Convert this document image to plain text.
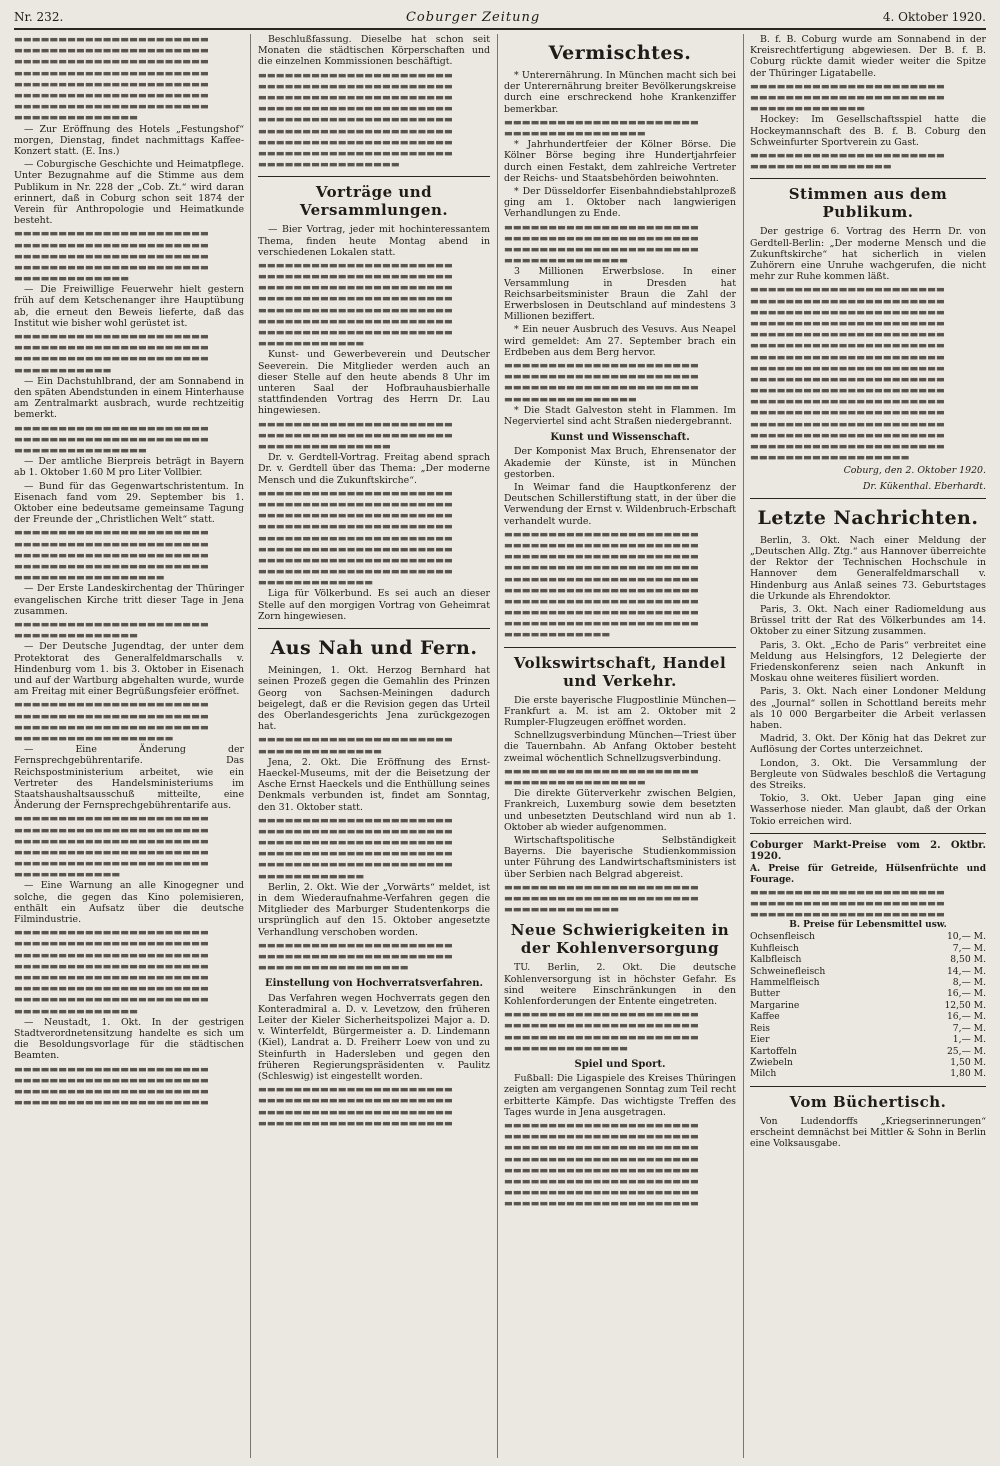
Nr. 232.	Coburger Zeitung	4. Oktober 1920.
▬▬▬▬▬▬▬▬▬▬▬▬▬▬▬▬▬▬▬▬▬▬
▬▬▬▬▬▬▬▬▬▬▬▬▬▬▬▬▬▬▬▬▬▬
▬▬▬▬▬▬▬▬▬▬▬▬▬▬▬▬▬▬▬▬▬▬
▬▬▬▬▬▬▬▬▬▬▬▬▬▬▬▬▬▬▬▬▬▬
▬▬▬▬▬▬▬▬▬▬▬▬▬▬▬▬▬▬▬▬▬▬
▬▬▬▬▬▬▬▬▬▬▬▬▬▬▬▬▬▬▬▬▬▬
▬▬▬▬▬▬▬▬▬▬▬▬▬▬▬▬▬▬▬▬▬▬
▬▬▬▬▬▬▬▬▬▬▬▬▬▬

— Zur Eröffnung des Hotels „Festungshof“ morgen, Dienstag, findet nachmittags Kaffee-Konzert statt. (E. Ins.)

— Coburgische Geschichte und Heimatpflege. Unter Bezugnahme auf die Stimme aus dem Publikum in Nr. 228 der „Cob. Zt.“ wird daran erinnert, daß in Coburg schon seit 1874 der Verein für Anthropologie und Heimatkunde besteht.

▬▬▬▬▬▬▬▬▬▬▬▬▬▬▬▬▬▬▬▬▬▬
▬▬▬▬▬▬▬▬▬▬▬▬▬▬▬▬▬▬▬▬▬▬
▬▬▬▬▬▬▬▬▬▬▬▬▬▬▬▬▬▬▬▬▬▬
▬▬▬▬▬▬▬▬▬▬▬▬▬▬▬▬▬▬▬▬▬▬
▬▬▬▬▬▬▬▬▬▬▬▬▬

— Die Freiwillige Feuerwehr hielt gestern früh auf dem Ketschenanger ihre Hauptübung ab, die erneut den Beweis lieferte, daß das Institut wie bisher wohl gerüstet ist.

▬▬▬▬▬▬▬▬▬▬▬▬▬▬▬▬▬▬▬▬▬▬
▬▬▬▬▬▬▬▬▬▬▬▬▬▬▬▬▬▬▬▬▬▬
▬▬▬▬▬▬▬▬▬▬▬▬▬▬▬▬▬▬▬▬▬▬
▬▬▬▬▬▬▬▬▬▬▬

— Ein Dachstuhlbrand, der am Sonnabend in den späten Abendstunden in einem Hinterhause am Zentralmarkt ausbrach, wurde rechtzeitig bemerkt.

▬▬▬▬▬▬▬▬▬▬▬▬▬▬▬▬▬▬▬▬▬▬
▬▬▬▬▬▬▬▬▬▬▬▬▬▬▬▬▬▬▬▬▬▬
▬▬▬▬▬▬▬▬▬▬▬▬▬▬▬

— Der amtliche Bierpreis beträgt in Bayern ab 1. Oktober 1.60 M pro Liter Vollbier.

— Bund für das Gegenwartschristentum. In Eisenach fand vom 29. September bis 1. Oktober eine bedeutsame gemeinsame Tagung der Freunde der „Christlichen Welt“ statt.

▬▬▬▬▬▬▬▬▬▬▬▬▬▬▬▬▬▬▬▬▬▬
▬▬▬▬▬▬▬▬▬▬▬▬▬▬▬▬▬▬▬▬▬▬
▬▬▬▬▬▬▬▬▬▬▬▬▬▬▬▬▬▬▬▬▬▬
▬▬▬▬▬▬▬▬▬▬▬▬▬▬▬▬▬▬▬▬▬▬
▬▬▬▬▬▬▬▬▬▬▬▬▬▬▬▬▬

— Der Erste Landeskirchentag der Thüringer evangelischen Kirche tritt dieser Tage in Jena zusammen.

▬▬▬▬▬▬▬▬▬▬▬▬▬▬▬▬▬▬▬▬▬▬
▬▬▬▬▬▬▬▬▬▬▬▬▬▬

— Der Deutsche Jugendtag, der unter dem Protektorat des Generalfeldmarschalls v. Hindenburg vom 1. bis 3. Oktober in Eisenach und auf der Wartburg abgehalten wurde, wurde am Freitag mit einer Begrüßungsfeier eröffnet.

▬▬▬▬▬▬▬▬▬▬▬▬▬▬▬▬▬▬▬▬▬▬
▬▬▬▬▬▬▬▬▬▬▬▬▬▬▬▬▬▬▬▬▬▬
▬▬▬▬▬▬▬▬▬▬▬▬▬▬▬▬▬▬▬▬▬▬
▬▬▬▬▬▬▬▬▬▬▬▬▬▬▬▬▬▬

— Eine Änderung der Fernsprechgebührentarife. Das Reichspostministerium arbeitet, wie ein Vertreter des Handelsministeriums im Staatshaushaltsausschuß mitteilte, eine Änderung der Fernsprechgebührentarife aus.

▬▬▬▬▬▬▬▬▬▬▬▬▬▬▬▬▬▬▬▬▬▬
▬▬▬▬▬▬▬▬▬▬▬▬▬▬▬▬▬▬▬▬▬▬
▬▬▬▬▬▬▬▬▬▬▬▬▬▬▬▬▬▬▬▬▬▬
▬▬▬▬▬▬▬▬▬▬▬▬▬▬▬▬▬▬▬▬▬▬
▬▬▬▬▬▬▬▬▬▬▬▬▬▬▬▬▬▬▬▬▬▬
▬▬▬▬▬▬▬▬▬▬▬▬

— Eine Warnung an alle Kinogegner und solche, die gegen das Kino polemisieren, enthält ein Aufsatz über die deutsche Filmindustrie.

▬▬▬▬▬▬▬▬▬▬▬▬▬▬▬▬▬▬▬▬▬▬
▬▬▬▬▬▬▬▬▬▬▬▬▬▬▬▬▬▬▬▬▬▬
▬▬▬▬▬▬▬▬▬▬▬▬▬▬▬▬▬▬▬▬▬▬
▬▬▬▬▬▬▬▬▬▬▬▬▬▬▬▬▬▬▬▬▬▬
▬▬▬▬▬▬▬▬▬▬▬▬▬▬▬▬▬▬▬▬▬▬
▬▬▬▬▬▬▬▬▬▬▬▬▬▬▬▬▬▬▬▬▬▬
▬▬▬▬▬▬▬▬▬▬▬▬▬▬▬▬▬▬▬▬▬▬
▬▬▬▬▬▬▬▬▬▬▬▬▬▬

— Neustadt, 1. Okt. In der gestrigen Stadtverordnetensitzung handelte es sich um die Besoldungsvorlage für die städtischen Beamten.

▬▬▬▬▬▬▬▬▬▬▬▬▬▬▬▬▬▬▬▬▬▬
▬▬▬▬▬▬▬▬▬▬▬▬▬▬▬▬▬▬▬▬▬▬
▬▬▬▬▬▬▬▬▬▬▬▬▬▬▬▬▬▬▬▬▬▬
▬▬▬▬▬▬▬▬▬▬▬▬▬▬▬▬▬▬▬▬▬▬

Beschlußfassung. Dieselbe hat schon seit Monaten die städtischen Körperschaften und die einzelnen Kommissionen beschäftigt.

▬▬▬▬▬▬▬▬▬▬▬▬▬▬▬▬▬▬▬▬▬▬
▬▬▬▬▬▬▬▬▬▬▬▬▬▬▬▬▬▬▬▬▬▬
▬▬▬▬▬▬▬▬▬▬▬▬▬▬▬▬▬▬▬▬▬▬
▬▬▬▬▬▬▬▬▬▬▬▬▬▬▬▬▬▬▬▬▬▬
▬▬▬▬▬▬▬▬▬▬▬▬▬▬▬▬▬▬▬▬▬▬
▬▬▬▬▬▬▬▬▬▬▬▬▬▬▬▬▬▬▬▬▬▬
▬▬▬▬▬▬▬▬▬▬▬▬▬▬▬▬▬▬▬▬▬▬
▬▬▬▬▬▬▬▬▬▬▬▬▬▬▬▬▬▬▬▬▬▬
▬▬▬▬▬▬▬▬▬▬▬▬▬▬▬▬
Vorträge und Versammlungen.

— Bier Vortrag, jeder mit hochinteressantem Thema, finden heute Montag abend in verschiedenen Lokalen statt.

▬▬▬▬▬▬▬▬▬▬▬▬▬▬▬▬▬▬▬▬▬▬
▬▬▬▬▬▬▬▬▬▬▬▬▬▬▬▬▬▬▬▬▬▬
▬▬▬▬▬▬▬▬▬▬▬▬▬▬▬▬▬▬▬▬▬▬
▬▬▬▬▬▬▬▬▬▬▬▬▬▬▬▬▬▬▬▬▬▬
▬▬▬▬▬▬▬▬▬▬▬▬▬▬▬▬▬▬▬▬▬▬
▬▬▬▬▬▬▬▬▬▬▬▬▬▬▬▬▬▬▬▬▬▬
▬▬▬▬▬▬▬▬▬▬▬▬▬▬▬▬▬▬▬▬▬▬
▬▬▬▬▬▬▬▬▬▬▬▬

Kunst- und Gewerbeverein und Deutscher Seeverein. Die Mitglieder werden auch an dieser Stelle auf den heute abends 8 Uhr im unteren Saal der Hofbrauhausbierhalle stattfindenden Vortrag des Herrn Dr. Lau hingewiesen.

▬▬▬▬▬▬▬▬▬▬▬▬▬▬▬▬▬▬▬▬▬▬
▬▬▬▬▬▬▬▬▬▬▬▬▬▬▬▬▬▬▬▬▬▬
▬▬▬▬▬▬▬▬▬▬▬▬▬▬▬

Dr. v. Gerdtell-Vortrag. Freitag abend sprach Dr. v. Gerdtell über das Thema: „Der moderne Mensch und die Zukunftskirche“.

▬▬▬▬▬▬▬▬▬▬▬▬▬▬▬▬▬▬▬▬▬▬
▬▬▬▬▬▬▬▬▬▬▬▬▬▬▬▬▬▬▬▬▬▬
▬▬▬▬▬▬▬▬▬▬▬▬▬▬▬▬▬▬▬▬▬▬
▬▬▬▬▬▬▬▬▬▬▬▬▬▬▬▬▬▬▬▬▬▬
▬▬▬▬▬▬▬▬▬▬▬▬▬▬▬▬▬▬▬▬▬▬
▬▬▬▬▬▬▬▬▬▬▬▬▬▬▬▬▬▬▬▬▬▬
▬▬▬▬▬▬▬▬▬▬▬▬▬▬▬▬▬▬▬▬▬▬
▬▬▬▬▬▬▬▬▬▬▬▬▬▬▬▬▬▬▬▬▬▬
▬▬▬▬▬▬▬▬▬▬▬▬▬

Liga für Völkerbund. Es sei auch an dieser Stelle auf den morgigen Vortrag von Geheimrat Zorn hingewiesen.

Aus Nah und Fern.

Meiningen, 1. Okt. Herzog Bernhard hat seinen Prozeß gegen die Gemahlin des Prinzen Georg von Sachsen-Meiningen dadurch beigelegt, daß er die Revision gegen das Urteil des Oberlandesgerichts Jena zurückgezogen hat.

▬▬▬▬▬▬▬▬▬▬▬▬▬▬▬▬▬▬▬▬▬▬
▬▬▬▬▬▬▬▬▬▬▬▬▬▬

Jena, 2. Okt. Die Eröffnung des Ernst-Haeckel-Museums, mit der die Beisetzung der Asche Ernst Haeckels und die Enthüllung seines Denkmals verbunden ist, findet am Sonntag, den 31. Oktober statt.

▬▬▬▬▬▬▬▬▬▬▬▬▬▬▬▬▬▬▬▬▬▬
▬▬▬▬▬▬▬▬▬▬▬▬▬▬▬▬▬▬▬▬▬▬
▬▬▬▬▬▬▬▬▬▬▬▬▬▬▬▬▬▬▬▬▬▬
▬▬▬▬▬▬▬▬▬▬▬▬▬▬▬▬▬▬▬▬▬▬
▬▬▬▬▬▬▬▬▬▬▬▬▬▬▬▬▬▬▬▬▬▬
▬▬▬▬▬▬▬▬▬▬▬▬

Berlin, 2. Okt. Wie der „Vorwärts“ meldet, ist in dem Wiederaufnahme-Verfahren gegen die Mitglieder des Marburger Studentenkorps die ursprünglich auf den 15. Oktober angesetzte Verhandlung verschoben worden.

▬▬▬▬▬▬▬▬▬▬▬▬▬▬▬▬▬▬▬▬▬▬
▬▬▬▬▬▬▬▬▬▬▬▬▬▬▬▬▬▬▬▬▬▬
▬▬▬▬▬▬▬▬▬▬▬▬▬▬▬▬▬
Einstellung von Hochverratsverfahren.

Das Verfahren wegen Hochverrats gegen den Konteradmiral a. D. v. Levetzow, den früheren Leiter der Kieler Sicherheitspolizei Major a. D. v. Winterfeldt, Bürgermeister a. D. Lindemann (Kiel), Landrat a. D. Freiherr Loew von und zu Steinfurth in Hadersleben und gegen den früheren Regierungspräsidenten v. Paulitz (Schleswig) ist eingestellt worden.

▬▬▬▬▬▬▬▬▬▬▬▬▬▬▬▬▬▬▬▬▬▬
▬▬▬▬▬▬▬▬▬▬▬▬▬▬▬▬▬▬▬▬▬▬
▬▬▬▬▬▬▬▬▬▬▬▬▬▬▬▬▬▬▬▬▬▬
▬▬▬▬▬▬▬▬▬▬▬▬▬▬▬▬▬▬▬▬▬▬
Vermischtes.

* Unterernährung. In München macht sich bei der Unterernährung breiter Bevölkerungskreise durch eine erschreckend hohe Krankenziffer bemerkbar.

▬▬▬▬▬▬▬▬▬▬▬▬▬▬▬▬▬▬▬▬▬▬
▬▬▬▬▬▬▬▬▬▬▬▬▬▬▬▬

* Jahrhundertfeier der Kölner Börse. Die Kölner Börse beging ihre Hundertjahrfeier durch einen Festakt, dem zahlreiche Vertreter der Reichs- und Staatsbehörden beiwohnten.

* Der Düsseldorfer Eisenbahndiebstahlprozeß ging am 1. Oktober nach langwierigen Verhandlungen zu Ende.

▬▬▬▬▬▬▬▬▬▬▬▬▬▬▬▬▬▬▬▬▬▬
▬▬▬▬▬▬▬▬▬▬▬▬▬▬▬▬▬▬▬▬▬▬
▬▬▬▬▬▬▬▬▬▬▬▬▬▬▬▬▬▬▬▬▬▬
▬▬▬▬▬▬▬▬▬▬▬▬▬▬

3 Millionen Erwerbslose. In einer Versammlung in Dresden hat Reichsarbeitsminister Braun die Zahl der Erwerbslosen in Deutschland auf mindestens 3 Millionen beziffert.

* Ein neuer Ausbruch des Vesuvs. Aus Neapel wird gemeldet: Am 27. September brach ein Erdbeben aus dem Berg hervor.

▬▬▬▬▬▬▬▬▬▬▬▬▬▬▬▬▬▬▬▬▬▬
▬▬▬▬▬▬▬▬▬▬▬▬▬▬▬▬▬▬▬▬▬▬
▬▬▬▬▬▬▬▬▬▬▬▬▬▬▬▬▬▬▬▬▬▬
▬▬▬▬▬▬▬▬▬▬▬▬▬▬▬

* Die Stadt Galveston steht in Flammen. Im Negerviertel sind acht Straßen niedergebrannt.

Kunst und Wissenschaft.

Der Komponist Max Bruch, Ehrensenator der Akademie der Künste, ist in München gestorben.

In Weimar fand die Hauptkonferenz der Deutschen Schillerstiftung statt, in der über die Verwendung der Ernst v. Wildenbruch-Erbschaft verhandelt wurde.

▬▬▬▬▬▬▬▬▬▬▬▬▬▬▬▬▬▬▬▬▬▬
▬▬▬▬▬▬▬▬▬▬▬▬▬▬▬▬▬▬▬▬▬▬
▬▬▬▬▬▬▬▬▬▬▬▬▬▬▬▬▬▬▬▬▬▬
▬▬▬▬▬▬▬▬▬▬▬▬▬▬▬▬▬▬▬▬▬▬
▬▬▬▬▬▬▬▬▬▬▬▬▬▬▬▬▬▬▬▬▬▬
▬▬▬▬▬▬▬▬▬▬▬▬▬▬▬▬▬▬▬▬▬▬
▬▬▬▬▬▬▬▬▬▬▬▬▬▬▬▬▬▬▬▬▬▬
▬▬▬▬▬▬▬▬▬▬▬▬▬▬▬▬▬▬▬▬▬▬
▬▬▬▬▬▬▬▬▬▬▬▬▬▬▬▬▬▬▬▬▬▬
▬▬▬▬▬▬▬▬▬▬▬▬
Volkswirtschaft, Handel und Verkehr.

Die erste bayerische Flugpostlinie München—Frankfurt a. M. ist am 2. Oktober mit 2 Rumpler-Flugzeugen eröffnet worden.

Schnellzugsverbindung München—Triest über die Tauernbahn. Ab Anfang Oktober besteht zweimal wöchentlich Schnellzugsverbindung.

▬▬▬▬▬▬▬▬▬▬▬▬▬▬▬▬▬▬▬▬▬▬
▬▬▬▬▬▬▬▬▬▬▬▬▬▬▬▬

Die direkte Güterverkehr zwischen Belgien, Frankreich, Luxemburg sowie dem besetzten und unbesetzten Deutschland wird nun ab 1. Oktober ab wieder aufgenommen.

Wirtschaftspolitische Selbständigkeit Bayerns. Die bayerische Studienkommission unter Führung des Landwirtschaftsministers ist über Serbien nach Belgrad abgereist.

▬▬▬▬▬▬▬▬▬▬▬▬▬▬▬▬▬▬▬▬▬▬
▬▬▬▬▬▬▬▬▬▬▬▬▬▬▬▬▬▬▬▬▬▬
▬▬▬▬▬▬▬▬▬▬▬▬▬
Neue Schwierigkeiten in der Kohlenversorgung

TU. Berlin, 2. Okt. Die deutsche Kohlenversorgung ist in höchster Gefahr. Es sind weitere Einschränkungen in den Kohlenforderungen der Entente eingetreten.

▬▬▬▬▬▬▬▬▬▬▬▬▬▬▬▬▬▬▬▬▬▬
▬▬▬▬▬▬▬▬▬▬▬▬▬▬▬▬▬▬▬▬▬▬
▬▬▬▬▬▬▬▬▬▬▬▬▬▬▬▬▬▬▬▬▬▬
▬▬▬▬▬▬▬▬▬▬▬▬▬▬
Spiel und Sport.

Fußball: Die Ligaspiele des Kreises Thüringen zeigten am vergangenen Sonntag zum Teil recht erbitterte Kämpfe. Das wichtigste Treffen des Tages wurde in Jena ausgetragen.

▬▬▬▬▬▬▬▬▬▬▬▬▬▬▬▬▬▬▬▬▬▬
▬▬▬▬▬▬▬▬▬▬▬▬▬▬▬▬▬▬▬▬▬▬
▬▬▬▬▬▬▬▬▬▬▬▬▬▬▬▬▬▬▬▬▬▬
▬▬▬▬▬▬▬▬▬▬▬▬▬▬▬▬▬▬▬▬▬▬
▬▬▬▬▬▬▬▬▬▬▬▬▬▬▬▬▬▬▬▬▬▬
▬▬▬▬▬▬▬▬▬▬▬▬▬▬▬▬▬▬▬▬▬▬
▬▬▬▬▬▬▬▬▬▬▬▬▬▬▬▬▬▬▬▬▬▬
▬▬▬▬▬▬▬▬▬▬▬▬▬▬▬▬▬▬▬▬▬▬

B. f. B. Coburg wurde am Sonnabend in der Kreisrechtfertigung abgewiesen. Der B. f. B. Coburg rückte damit wieder weiter die Spitze der Thüringer Ligatabelle.

▬▬▬▬▬▬▬▬▬▬▬▬▬▬▬▬▬▬▬▬▬▬
▬▬▬▬▬▬▬▬▬▬▬▬▬▬▬▬▬▬▬▬▬▬
▬▬▬▬▬▬▬▬▬▬▬▬▬

Hockey: Im Gesellschaftsspiel hatte die Hockeymannschaft des B. f. B. Coburg den Schweinfurter Sportverein zu Gast.

▬▬▬▬▬▬▬▬▬▬▬▬▬▬▬▬▬▬▬▬▬▬
▬▬▬▬▬▬▬▬▬▬▬▬▬▬▬▬
Stimmen aus dem Publikum.

Der gestrige 6. Vortrag des Herrn Dr. von Gerdtell-Berlin: „Der moderne Mensch und die Zukunftskirche“ hat sicherlich in vielen Zuhörern eine Unruhe wachgerufen, die nicht mehr zur Ruhe kommen läßt.

▬▬▬▬▬▬▬▬▬▬▬▬▬▬▬▬▬▬▬▬▬▬
▬▬▬▬▬▬▬▬▬▬▬▬▬▬▬▬▬▬▬▬▬▬
▬▬▬▬▬▬▬▬▬▬▬▬▬▬▬▬▬▬▬▬▬▬
▬▬▬▬▬▬▬▬▬▬▬▬▬▬▬▬▬▬▬▬▬▬
▬▬▬▬▬▬▬▬▬▬▬▬▬▬▬▬▬▬▬▬▬▬
▬▬▬▬▬▬▬▬▬▬▬▬▬▬▬▬▬▬▬▬▬▬
▬▬▬▬▬▬▬▬▬▬▬▬▬▬▬▬▬▬▬▬▬▬
▬▬▬▬▬▬▬▬▬▬▬▬▬▬▬▬▬▬▬▬▬▬
▬▬▬▬▬▬▬▬▬▬▬▬▬▬▬▬▬▬▬▬▬▬
▬▬▬▬▬▬▬▬▬▬▬▬▬▬▬▬▬▬▬▬▬▬
▬▬▬▬▬▬▬▬▬▬▬▬▬▬▬▬▬▬▬▬▬▬
▬▬▬▬▬▬▬▬▬▬▬▬▬▬▬▬▬▬▬▬▬▬
▬▬▬▬▬▬▬▬▬▬▬▬▬▬▬▬▬▬▬▬▬▬
▬▬▬▬▬▬▬▬▬▬▬▬▬▬▬▬▬▬▬▬▬▬
▬▬▬▬▬▬▬▬▬▬▬▬▬▬▬▬▬▬▬▬▬▬
▬▬▬▬▬▬▬▬▬▬▬▬▬▬▬▬▬▬
Coburg, den 2. Oktober 1920.
Dr. Kükenthal. Eberhardt.
Letzte Nachrichten.

Berlin, 3. Okt. Nach einer Meldung der „Deutschen Allg. Ztg.“ aus Hannover überreichte der Rektor der Technischen Hochschule in Hannover dem Generalfeldmarschall v. Hindenburg aus Anlaß seines 73. Geburtstages die Urkunde als Ehrendoktor.

Paris, 3. Okt. Nach einer Radiomeldung aus Brüssel tritt der Rat des Völkerbundes am 14. Oktober zu einer Sitzung zusammen.

Paris, 3. Okt. „Echo de Paris“ verbreitet eine Meldung aus Helsingfors, 12 Delegierte der Friedenskonferenz seien nach Ankunft in Moskau ohne weiteres füsiliert worden.

Paris, 3. Okt. Nach einer Londoner Meldung des „Journal“ sollen in Schottland bereits mehr als 10 000 Bergarbeiter die Arbeit verlassen haben.

Madrid, 3. Okt. Der König hat das Dekret zur Auflösung der Cortes unterzeichnet.

London, 3. Okt. Die Versammlung der Bergleute von Südwales beschloß die Vertagung des Streiks.

Tokio, 3. Okt. Ueber Japan ging eine Wasserhose nieder. Man glaubt, daß der Orkan Tokio erreichen wird.

Coburger Markt-Preise vom 2. Oktbr. 1920.
A. Preise für Getreide, Hülsenfrüchte und Fourage.
▬▬▬▬▬▬▬▬▬▬▬▬▬▬▬▬▬▬▬▬▬▬
▬▬▬▬▬▬▬▬▬▬▬▬▬▬▬▬▬▬▬▬▬▬
▬▬▬▬▬▬▬▬▬▬▬▬▬▬▬▬▬▬▬▬▬▬
B. Preise für Lebensmittel usw.
Ochsenfleisch	10,— M.
Kuhfleisch	7,— M.
Kalbfleisch	8,50 M.
Schweinefleisch	14,— M.
Hammelfleisch	8,— M.
Butter	16,— M.
Margarine	12,50 M.
Kaffee	16,— M.
Reis	7,— M.
Eier	1,— M.
Kartoffeln	25,— M.
Zwiebeln	1,50 M.
Milch	1,80 M.
Vom Büchertisch.

Von Ludendorffs „Kriegserinnerungen“ erscheint demnächst bei Mittler & Sohn in Berlin eine Volksausgabe.
